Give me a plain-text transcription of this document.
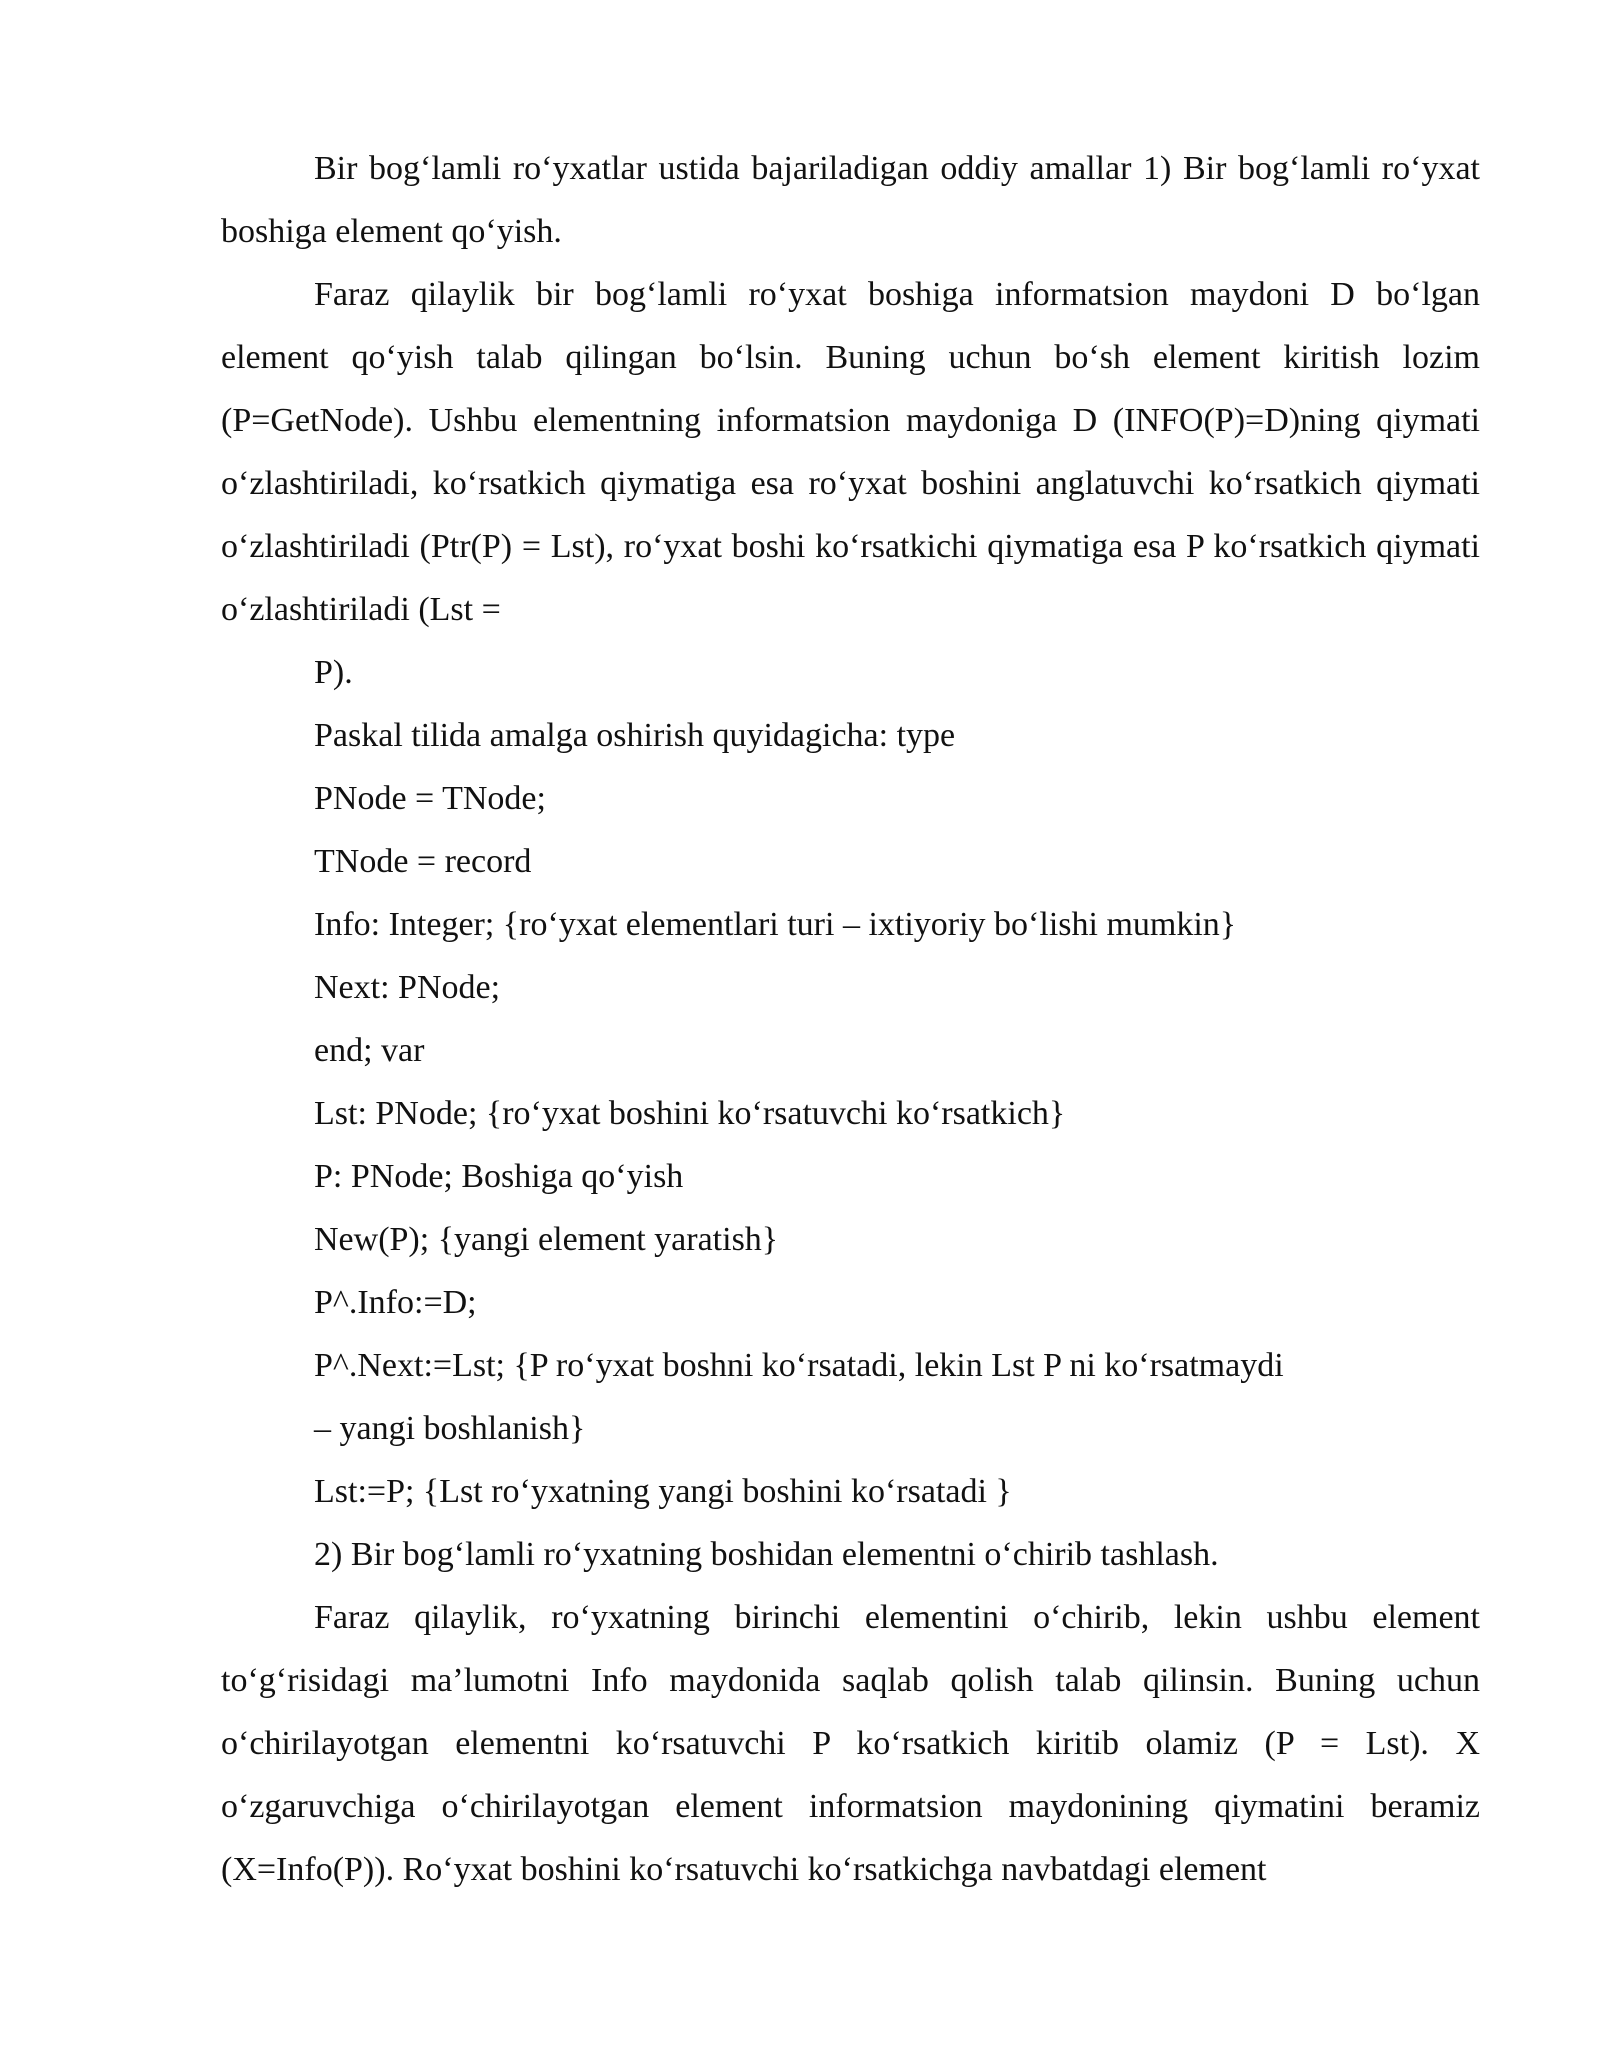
Bir bog‘lamli ro‘yxatlar ustida bajariladigan oddiy amallar 1) Bir bog‘lamli ro‘yxat boshiga element qo‘yish.

Faraz qilaylik bir bog‘lamli ro‘yxat boshiga informatsion maydoni D bo‘lgan element qo‘yish talab qilingan bo‘lsin. Buning uchun bo‘sh element kiritish lozim (P=GetNode). Ushbu elementning informatsion maydoniga D (INFO(P)=D)ning qiymati o‘zlashtiriladi, ko‘rsatkich qiymatiga esa ro‘yxat boshini anglatuvchi ko‘rsatkich qiymati o‘zlashtiriladi (Ptr(P) = Lst), ro‘yxat boshi ko‘rsatkichi qiymatiga esa P ko‘rsatkich qiymati o‘zlashtiriladi (Lst =

P).

Paskal tilida amalga oshirish quyidagicha: type

PNode = TNode;

TNode = record

Info: Integer; {ro‘yxat elementlari turi – ixtiyoriy bo‘lishi mumkin}

Next: PNode;

end; var

Lst: PNode; {ro‘yxat boshini ko‘rsatuvchi ko‘rsatkich}

P: PNode; Boshiga qo‘yish

New(P); {yangi element yaratish}

P^.Info:=D;

P^.Next:=Lst; {P ro‘yxat boshni ko‘rsatadi, lekin Lst P ni ko‘rsatmaydi

– yangi boshlanish}

Lst:=P; {Lst ro‘yxatning yangi boshini ko‘rsatadi }

2) Bir bog‘lamli ro‘yxatning boshidan elementni o‘chirib tashlash.

Faraz qilaylik, ro‘yxatning birinchi elementini o‘chirib, lekin ushbu element to‘g‘risidagi ma’lumotni Info maydonida saqlab qolish talab qilinsin. Buning uchun o‘chirilayotgan elementni ko‘rsatuvchi P ko‘rsatkich kiritib olamiz (P = Lst). X o‘zgaruvchiga o‘chirilayotgan element informatsion maydonining qiymatini beramiz (X=Info(P)). Ro‘yxat boshini ko‘rsatuvchi ko‘rsatkichga navbatdagi element
